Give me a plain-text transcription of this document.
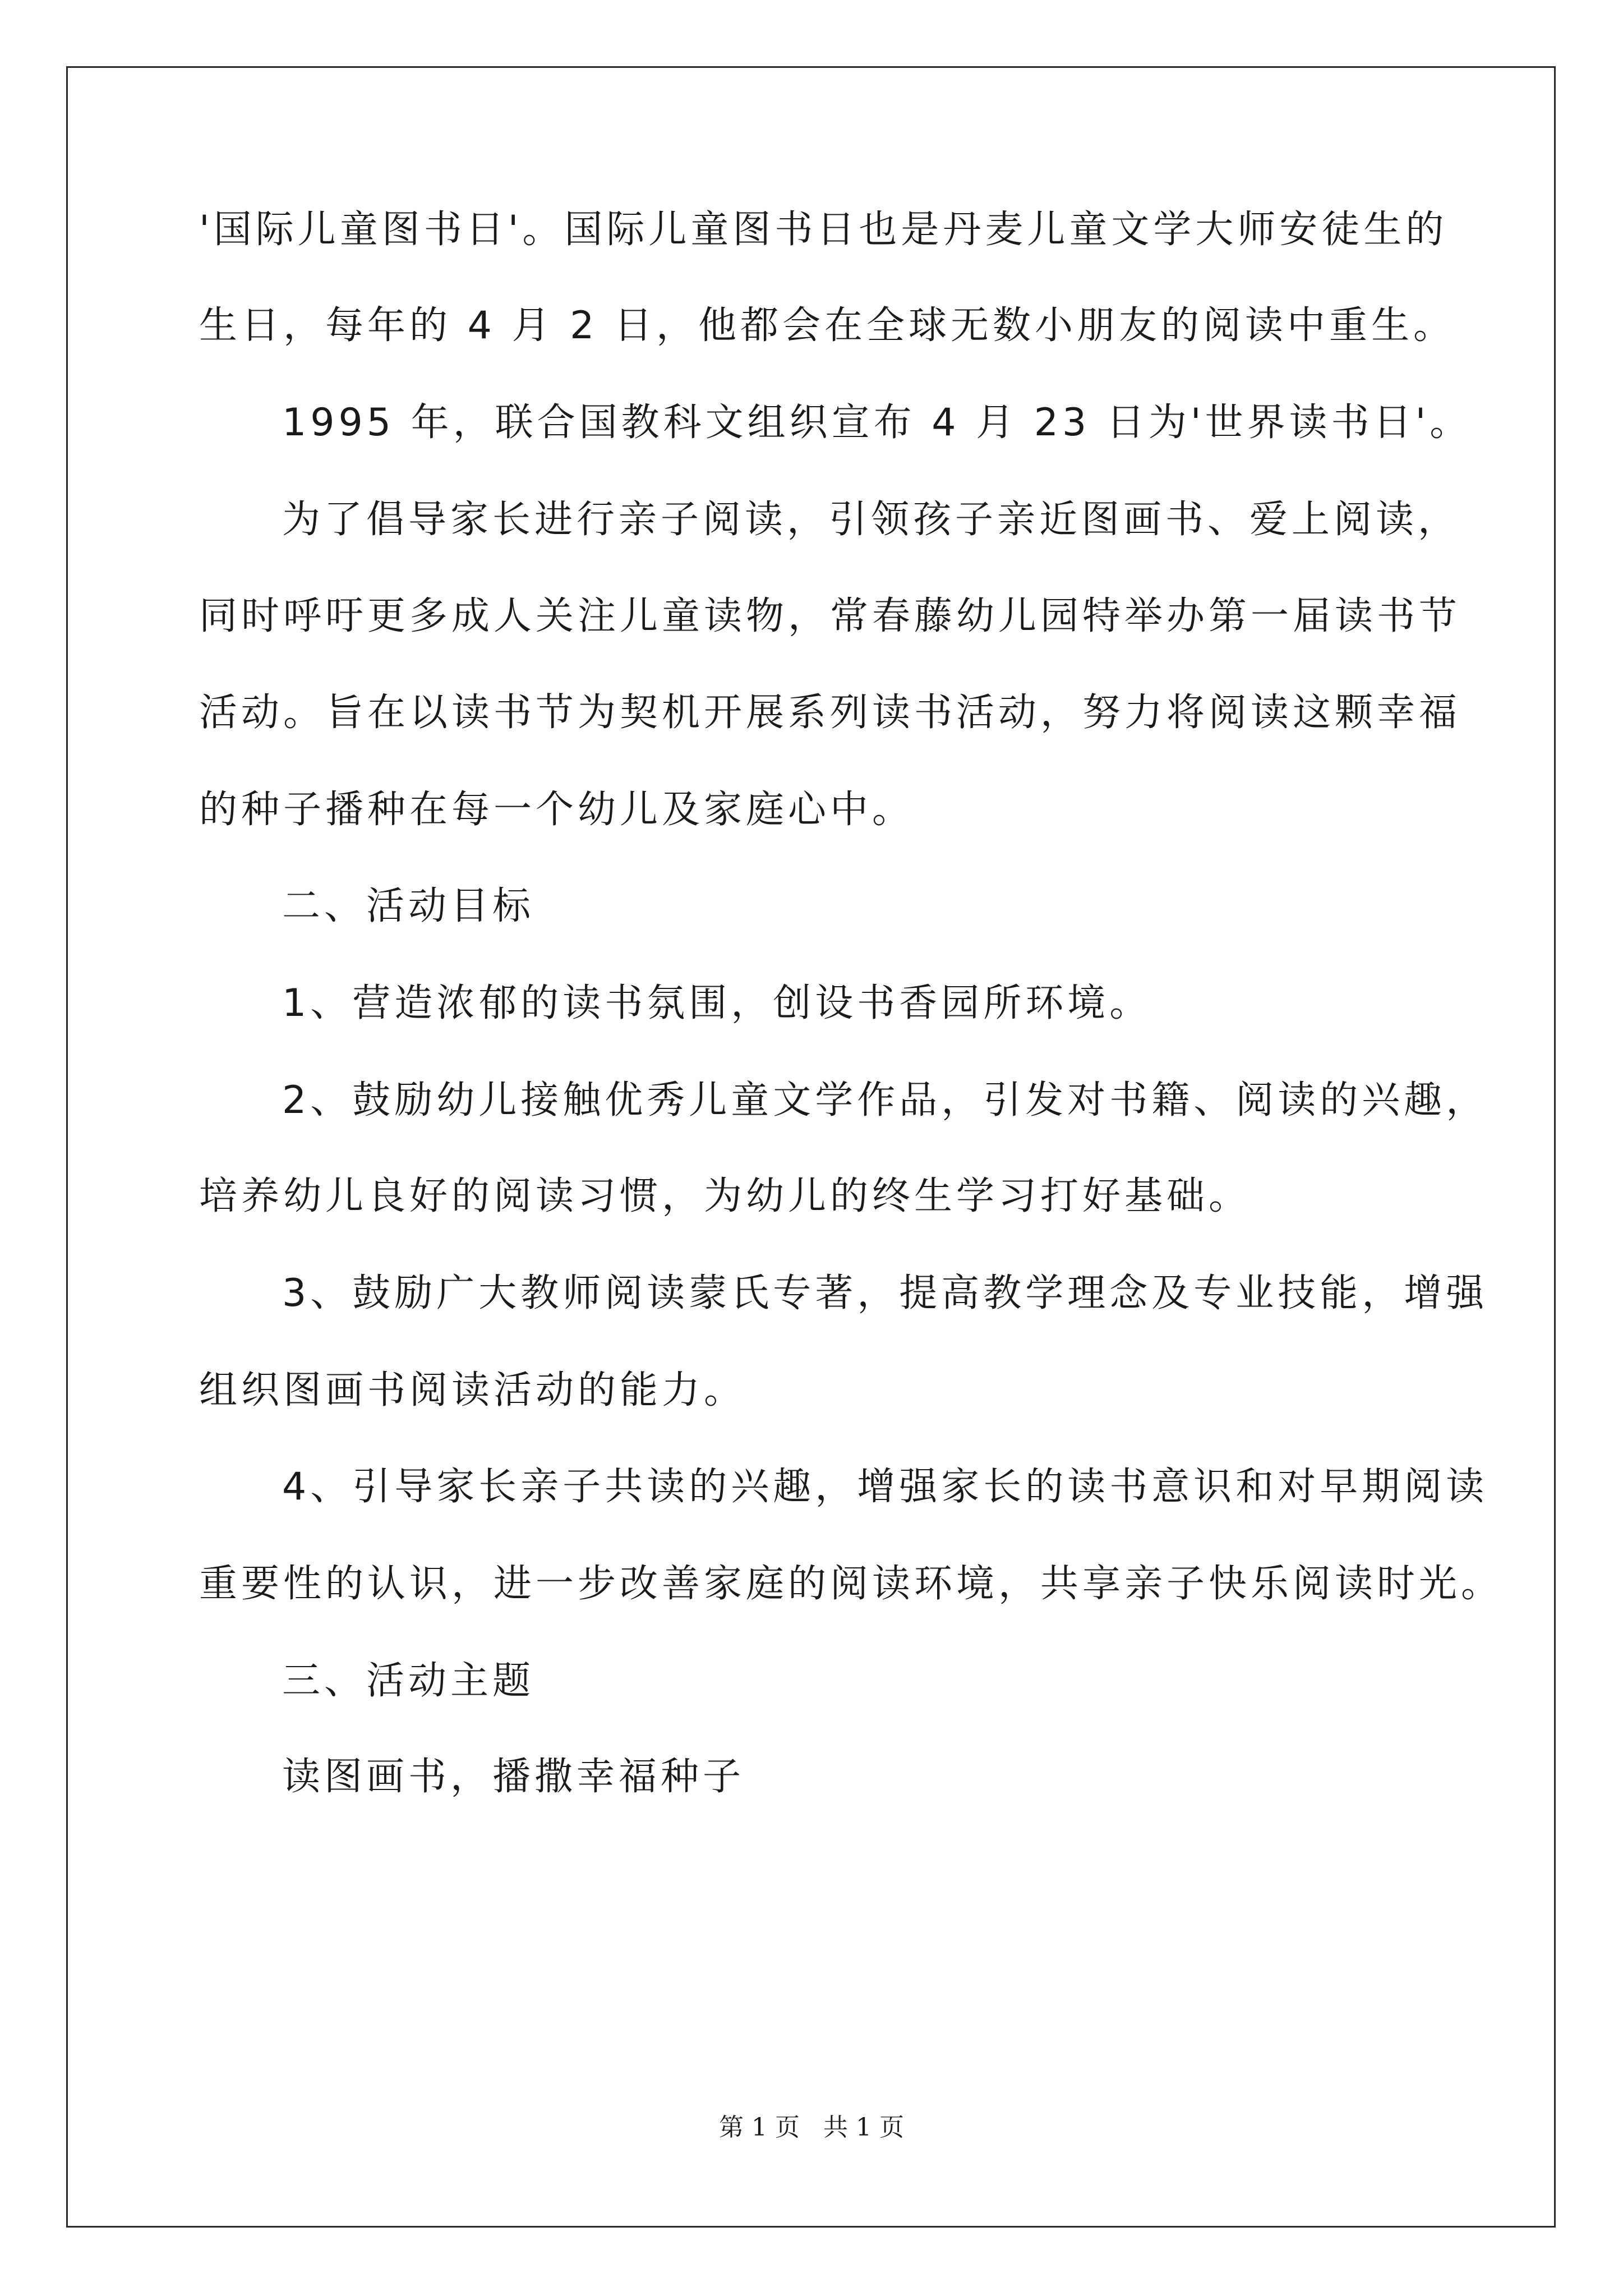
'国际儿童图书日'。国际儿童图书日也是丹麦儿童文学大师安徒生的
生日，每年的 4 月 2 日，他都会在全球无数小朋友的阅读中重生。
1995 年，联合国教科文组织宣布 4 月 23 日为'世界读书日'。
为了倡导家长进行亲子阅读，引领孩子亲近图画书、爱上阅读，
同时呼吁更多成人关注儿童读物，常春藤幼儿园特举办第一届读书节
活动。旨在以读书节为契机开展系列读书活动，努力将阅读这颗幸福
的种子播种在每一个幼儿及家庭心中。
二、活动目标
1、营造浓郁的读书氛围，创设书香园所环境。
2、鼓励幼儿接触优秀儿童文学作品，引发对书籍、阅读的兴趣，
培养幼儿良好的阅读习惯，为幼儿的终生学习打好基础。
3、鼓励广大教师阅读蒙氏专著，提高教学理念及专业技能，增强
组织图画书阅读活动的能力。
4、引导家长亲子共读的兴趣，增强家长的读书意识和对早期阅读
重要性的认识，进一步改善家庭的阅读环境，共享亲子快乐阅读时光。
三、活动主题
读图画书，播撒幸福种子
第 1 页   共 1 页
